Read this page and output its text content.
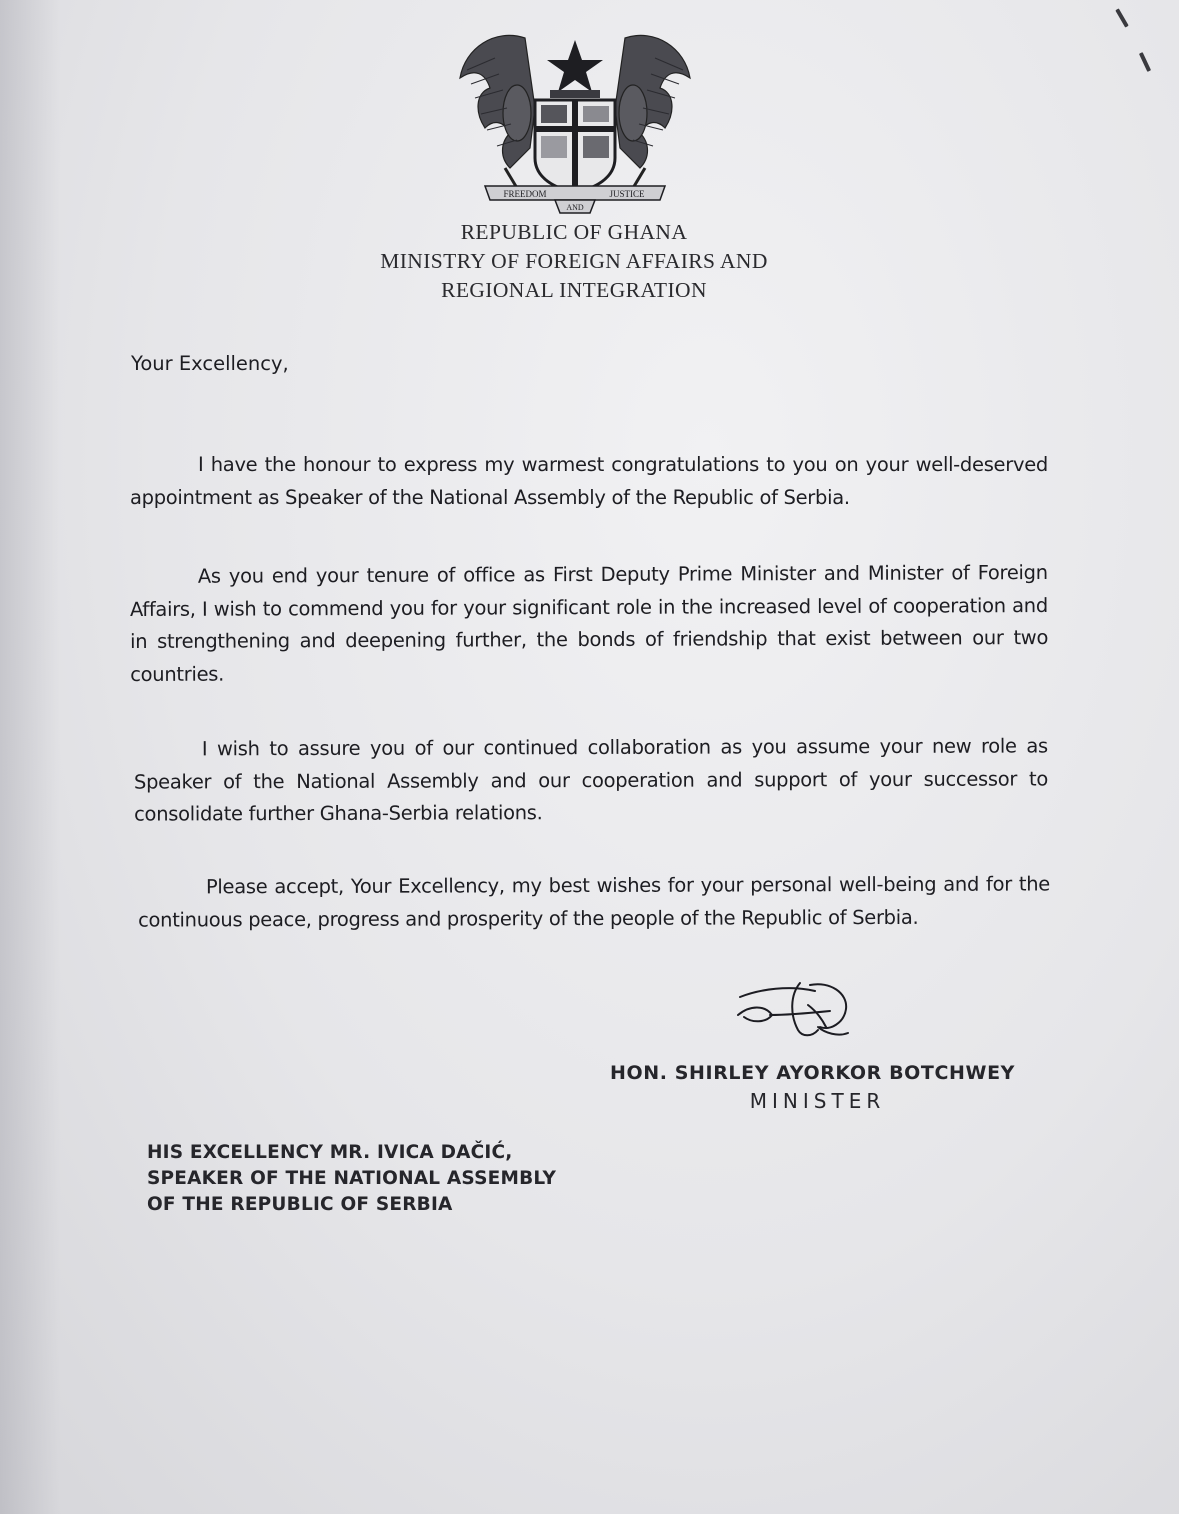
FREEDOM
AND
JUSTICE
REPUBLIC OF GHANA
MINISTRY OF FOREIGN AFFAIRS AND
REGIONAL INTEGRATION
Your Excellency,
I have the honour to express my warmest congratulations to you on your well-deserved appointment as Speaker of the National Assembly of the Republic of Serbia.
As you end your tenure of office as First Deputy Prime Minister and Minister of Foreign Affairs, I wish to commend you for your significant role in the increased level of cooperation and in strengthening and deepening further, the bonds of friendship that exist between our two countries.
I wish to assure you of our continued collaboration as you assume your new role as Speaker of the National Assembly and our cooperation and support of your successor to consolidate further Ghana-Serbia relations.
Please accept, Your Excellency, my best wishes for your personal well-being and for the continuous peace, progress and prosperity of the people of the Republic of Serbia.
HON. SHIRLEY AYORKOR BOTCHWEY
MINISTER
HIS EXCELLENCY MR. IVICA DAČIĆ,
SPEAKER OF THE NATIONAL ASSEMBLY
OF THE REPUBLIC OF SERBIA
